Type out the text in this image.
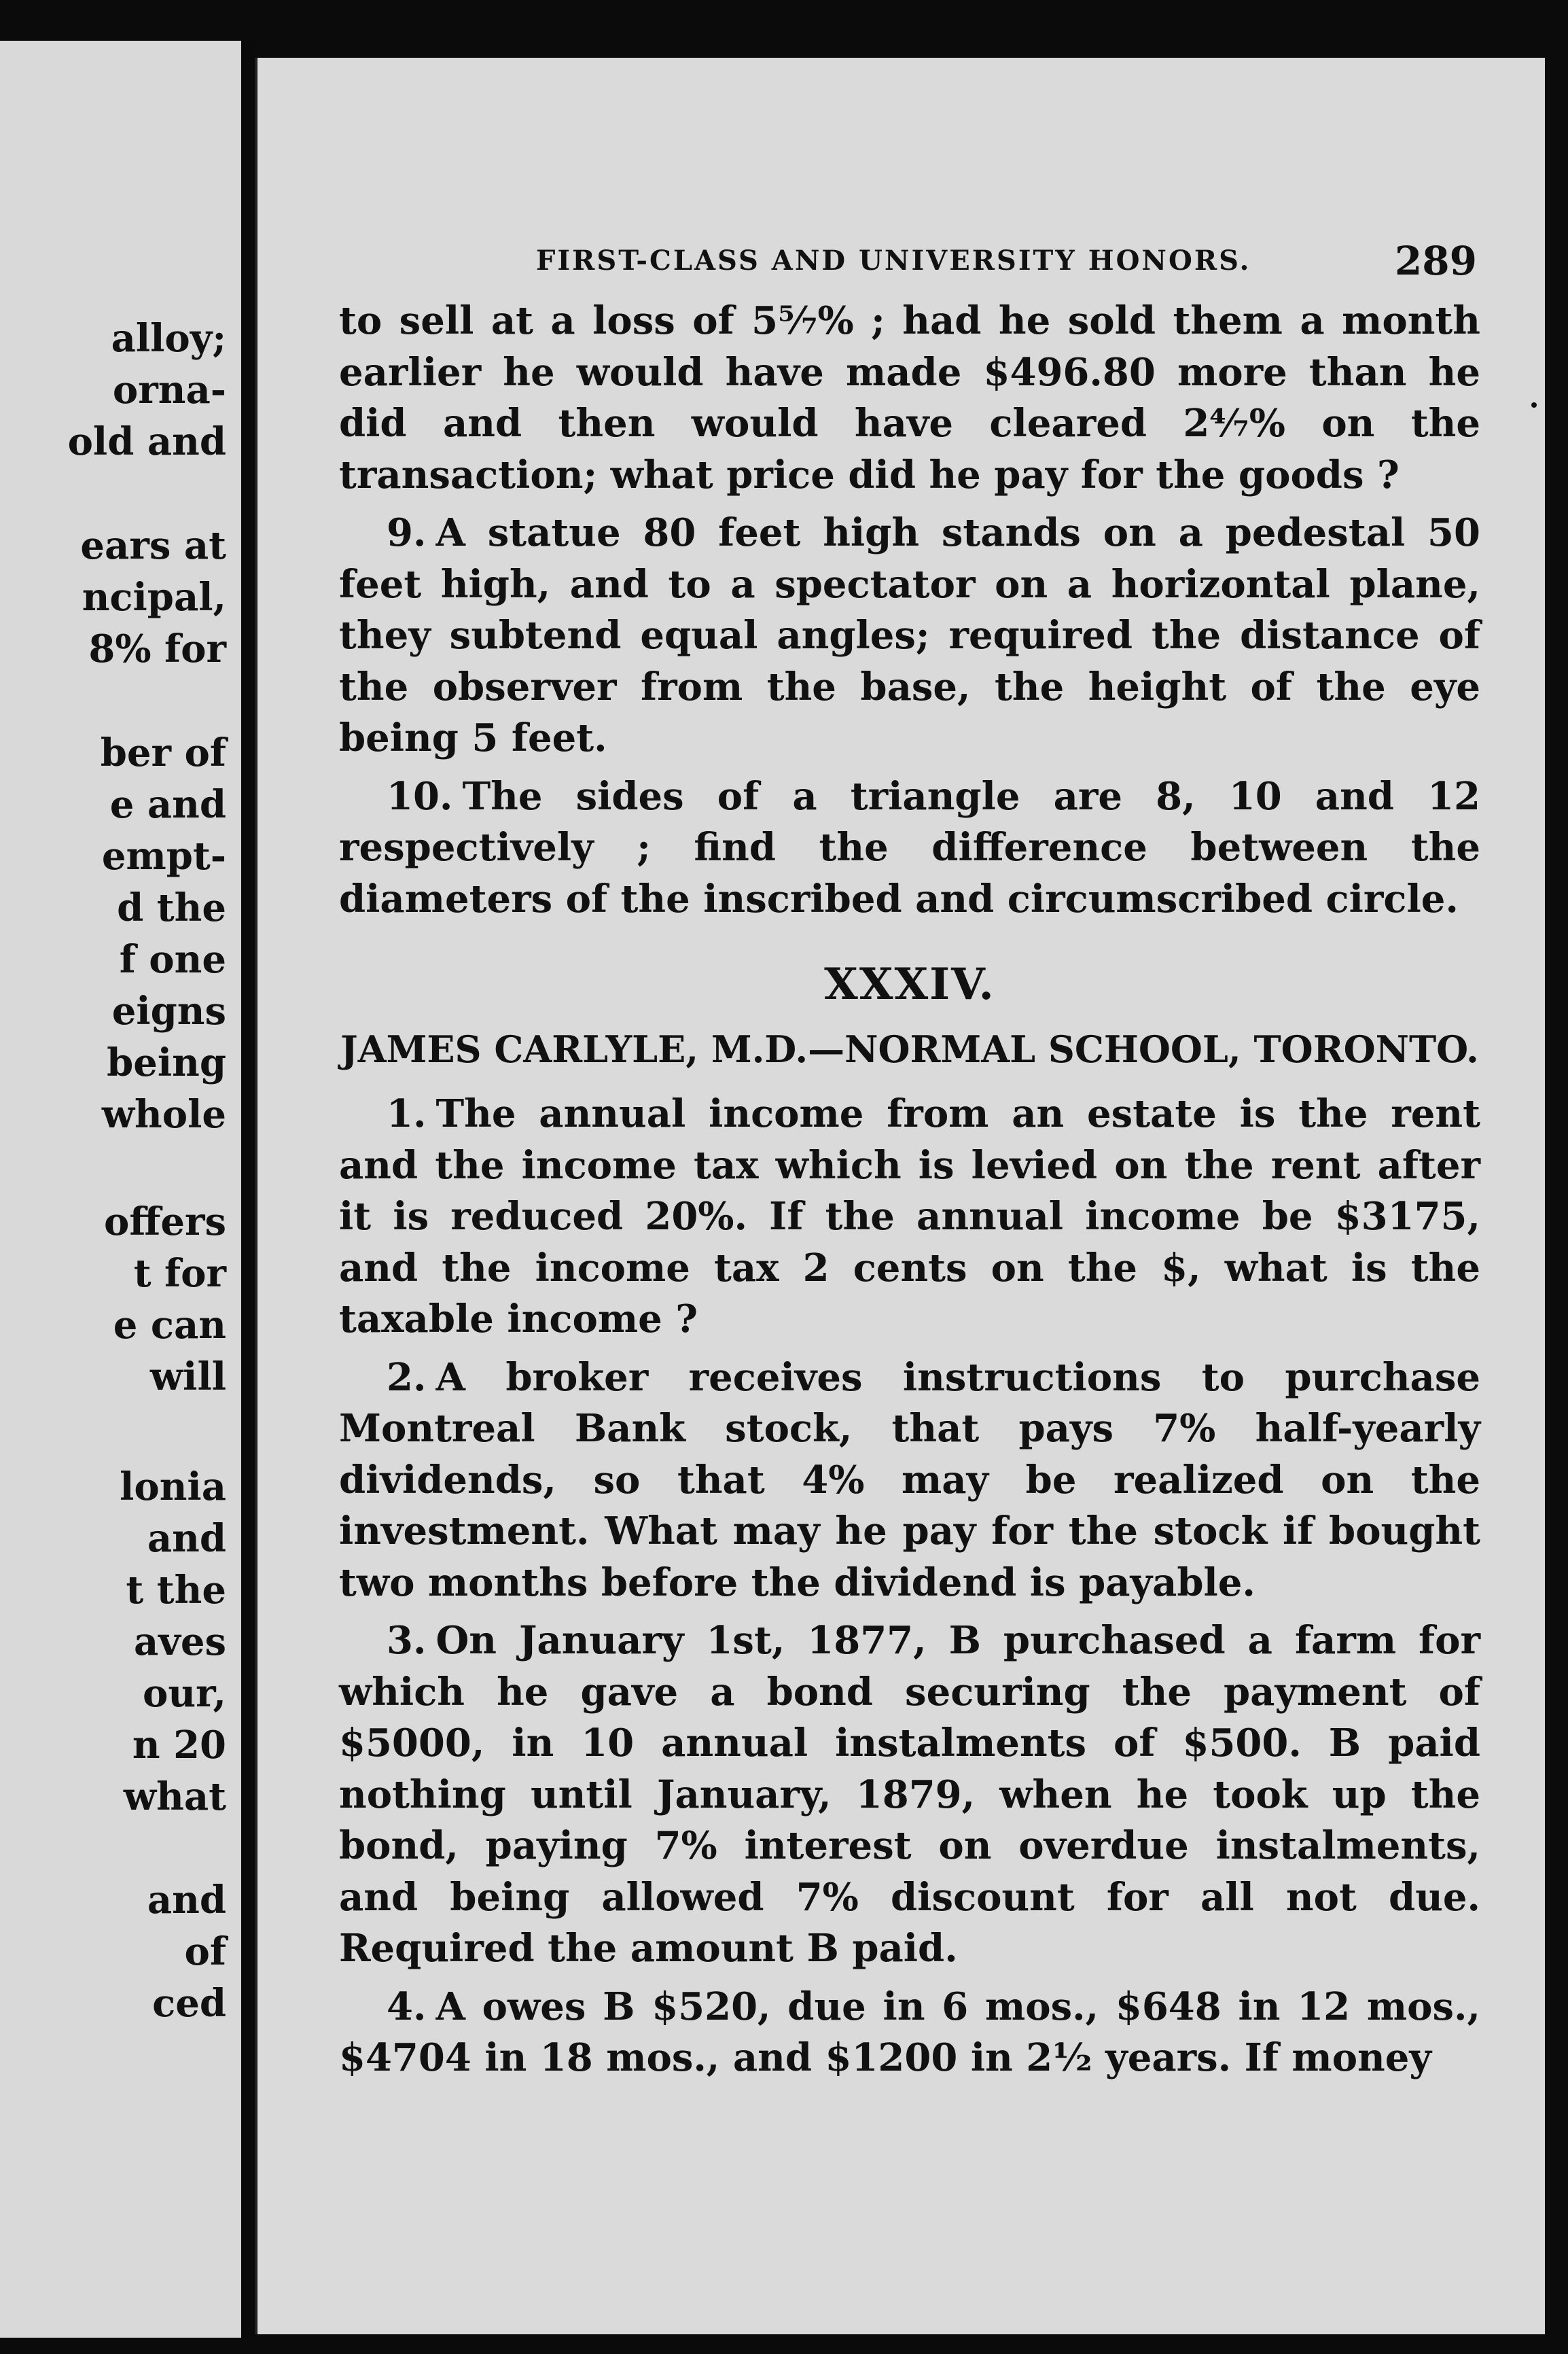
alloy;
orna-
old and
ears at
ncipal,
8% for
ber of
e and
empt-
d the
f one
eigns
being
whole
offers
t for
e can
will
lonia
and
t the
aves
our,
n 20
what
and
of
ced
FIRST-CLASS AND UNIVERSITY HONORS.	289

to sell at a loss of 5⁵⁄₇% ; had he sold them a month earlier he would have made $496.80 more than he did and then would have cleared 2⁴⁄₇% on the transaction; what price did he pay for the goods ?

9. A statue 80 feet high stands on a pedestal 50 feet high, and to a spectator on a horizontal plane, they subtend equal angles; required the distance of the observer from the base, the height of the eye being 5 feet.

10. The sides of a triangle are 8, 10 and 12 respectively ; find the difference between the diameters of the inscribed and circumscribed circle.

XXXIV.
JAMES CARLYLE, M.D.—NORMAL SCHOOL, TORONTO.

1. The annual income from an estate is the rent and the income tax which is levied on the rent after it is reduced 20%. If the annual income be $3175, and the income tax 2 cents on the $, what is the taxable income ?

2. A broker receives instructions to purchase Montreal Bank stock, that pays 7% half-yearly dividends, so that 4% may be realized on the investment. What may he pay for the stock if bought two months before the dividend is payable.

3. On January 1st, 1877, B purchased a farm for which he gave a bond securing the payment of $5000, in 10 annual instalments of $500. B paid nothing until January, 1879, when he took up the bond, paying 7% interest on overdue instalments, and being allowed 7% discount for all not due. Required the amount B paid.

4. A owes B $520, due in 6 mos., $648 in 12 mos., $4704 in 18 mos., and $1200 in 2½ years. If money
